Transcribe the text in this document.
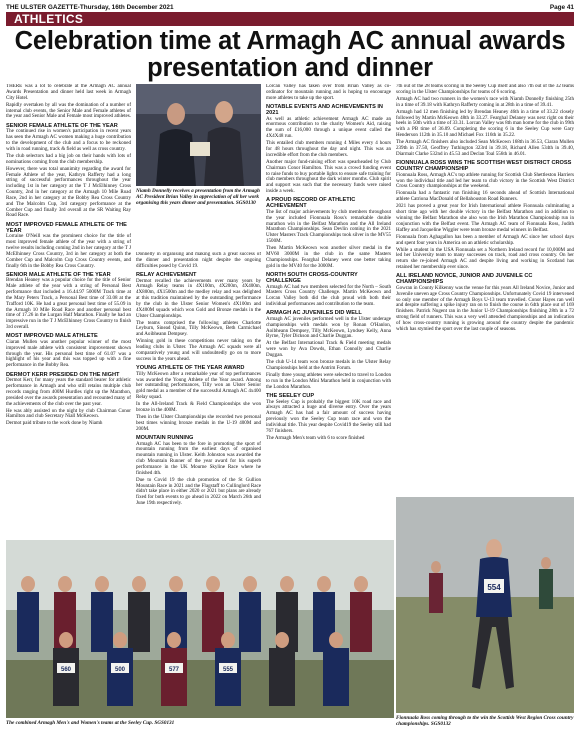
THE ULSTER GAZETTE-Thursday, 16th December 2021	Page 41
ATHLETICS
Celebration time at Armagh AC annual awards presentation and dinner

THERE was a lot to celebrate at the Armagh AC annual Awards Presentation and dinner held last week in Armagh City Hotel.

Rapidly overtaken by all was the domination of a number of internal club events, the Senior Male and Female athletes of the year and Senior Male and Female most improved athletes.

SENIOR FEMALE ATHLETE OF THE YEAR

The continued rise in women's participation in recent years has seen the Armagh AC women making a huge contribution to the development of the club and a focus to be reckoned with in road running, track & field as well as cross country.

The club selectors had a big job on their hands with lots of nominations coming from the club membership.

However, there was total unanimity regarding the award for Female Athlete of the year, Kathryn Rafferty had a long string of successful performances throughout the year including 1st in her category at the T J McElhinney Cross Country, 2nd in her category at the Armagh 10 Mile Road Race, 2nd in her category at the Bobby Rea Cross Country and The Malcolm Cup, 3rd category performance at the Comber Cup and finally 3rd overall at the SR Waiting Ray Road Race.

MOST IMPROVED FEMALE ATHLETE OF THE YEAR

Lorraine O'Neill was the prominent choice for the title of most improved female athlete of the year with a string of twelve results including coming 2nd in her category at the T J McElhinney Cross Country, 3rd in her category at both the Comber Cup and Malcolm Cup Cross Country events, and finally 6th in the Bobby Rea Cross Country.

SENIOR MALE ATHLETE OF THE YEAR

Brendan Heaney was a popular choice for the title of Senior Male athlete of the year with a string of Personal Best performance that included a 16.44.97 5000M Track time at the Mary Peters Track, a Personal Best time of 33.08 at the Trafford 10K. He had a great personal best time of 55.09 in the Armagh 10 Mile Road Race and another personal best time of 17.26 in the Lurgan Half Marathon. Finally he had an impressive run in the T J McElhinney Cross Country to finish 3rd overall.

MOST IMPROVED MALE ATHLETE

Ciaran Mullen was another popular winner of the most improved male athlete with consistent improvement shown through the year. His personal best time of 61.07 was a highlight of his year and this was topped up with a fine performance in the Bobby Rea.

DERMOT KERR PRESIDED ON THE NIGHT

Dermot Kerr, for many years the standard bearer for athletic performance in Armagh and who still retains multiple club records ranging from 400M Hurdles right up the Marathon, presided over the awards presentation and recounted many of the achievements of the club over the past year.

He was ably assisted on the night by club Chairman Conor Hamilton and club Secretary Niall McKeown.

Dermot paid tribute to the work done by Niamh

Niamh Donnelly receives a presentation from the Armagh AC President Brian Valley in appreciation of all her work organising this years dinner and presentation. SGS0130

Donnelly in organising and making such a great success of the dinner and presentation night despite the ongoing difficulties posed by Covid 19.

RELAY ACHIEVEMENT

Dermot recalled the achievements over many years by Armagh Relay teams in 4X100m, 4X200m, 4X400m, 4X800m, 4X1500m and the medley relay and was delighted at this tradition maintained by the outstanding performance by the club in the Ulster Senior Women's 4X100m and 4X400M squads which won Gold and Bronze medals in the Ulster Championships.

The teams comprised the following athletes Charlotte Leyburn, Sinead Quinn, Tilly McKeown, Beth Carmichael and Aoibheann Dempsey.

Winning gold in these competitions never taking on the leading clubs in Ulster. The Armagh AC squads were all comparatively young and will undoubtedly go on to more success in the years ahead.

YOUNG ATHLETE OF THE YEAR AWARD

Tilly McKeown after a remarkable year of top performances was awarded the Young Athlete of the Year award. Among her outstanding performances, Tilly won an Ulster Senior gold medal as a member of the successful Armagh AC 4x400 Relay squad.

In the All-Ireland Track & Field Championships she won bronze in the 400M.

Then in the Ulster Championships she recorded two personal best times winning bronze medals in the U-19 400M and 200M.

MOUNTAIN RUNNING

Armagh AC has been to the fore in promoting the sport of mountain running from the earliest days of organised mountain running in Ulster. Keith Johnston was awarded the club Mountain Runner of the year award for his superb performance in the UK Mourne Skyline Race where he finished 4th.

Due to Covid 19 the club promotion of the St Gullion Mountain Race in 2021 and the Flagstaff to Cullinglord Race didn't take place in either 2020 or 2021 but plans are already fixed for both events to go ahead in 2022 on March 26th and June 19th respectively.

Lorcan Valley has taken over from Brian Valley as co-ordinator for mountain running and is hoping to encourage more athletes to take up the sport.

NOTABLE EVENTS AND ACHIEVEMENTS IN 2021

As well as athletic achievement Armagh AC made an enormous contribution to the charity Women's Aid, raising the sum of £16,000 through a unique event called the 4X4X48 run.

This entailed club members running 4 Miles every 4 hours for 48 hours throughout the day and night. This was an incredible effort from the club members.

Another major fund-raising effort was spearheaded by Club Chairman Conor Hamilton. This was a crowd funding event to raise funds to buy portable lights to ensure safe training for club members throughout the dark winter months. Club spirit and support was such that the necessary funds were raised inside a week.

A PROUD RECORD OF ATHLETIC ACHIEVEMENT

The list of major achievements by club members throughout the year included Fionnuala Ross's remarkable double marathon win in the Belfast Marathon and the All Ireland Marathon Championships. Sean Devlin coming in the 2021 Ulster Masters Track Championships took silver in the MV55 1500M.

Then Martin McKeown won another silver medal in the MV60 3000M in the club in the same Masters Championships. Fearghal Delaney went one better taking gold in the MV40 for the 3000M.

NORTH SOUTH CROSS-COUNTRY CHALLENGE

Armagh AC had two members selected for the North – South Masters Cross Country Challenge. Martin McKeown and Lorcan Valley both did the club proud with both their individual performances and contribution to the team.

ARMAGH AC JUVENILES DID WELL

Armagh AC juveniles performed well in the Ulster underage championships with medals won by Ronan O'Hanlon, Aoibheann Dempsey, Tilly McKeown, Lyndsey Kelly, Anna Byrne, Tyler Dickson and Charlie Duggan.

At the Belfast International Track & Field meeting medals were won by Ava Dowds, Ethan Connolly and Charlie Duggan.

The club U-14 team won bronze medals in the Ulster Relay Championships held at the Antrim Forum.

Finally three young athletes were selected to travel to London to run in the London Mini Marathon held in conjunction with the London Marathon.

THE SEELEY CUP

The Seeley Cup is probably the biggest 10K road race and always attracted a huge and diverse entry. Over the years Armagh AC has had a fair amount of success having previously won the Seeley Cup team race and won the individual title. This year despite Covid19 the Seeley still had 767 finishers.

The Armagh Men's team with 6 to score finished

7th out of the 28 teams scoring in the Seeley Cup itself and also 7th out of the 32 teams scoring in the Ulster Championships for teams of 6 scoring.

Armagh AC had two runners in the women's race with Niamh Donnelly finishing 25th in a time of 39.18 with Kathryn Rafferty coming in at 28th in a time of 39.41.

Armagh had 12 men finishing led by Brendan Heaney 46th in a time of 33.22 closely followed by Martin McKeown 48th in 33.27. Fearghal Delaney was next right on their heels in 50th with a time of 33.31. Lorcan Valley was 8th man home for the club in 99th with a PB time of 36.09. Completing the scoring 6 in the Seeley Cup were Gary Henderson 112th in 35.10 and Michael Fox 116th in 35.22.

The Armagh AC finishers also included Sean McKeown 168th in 36.53, Ciaran Mullen 239th in 37.50, Geoffrey Tuthington 323rd in 39.18, Richard Allen 534th in 39.40, Diarmait Clarke 532nd in 45.53 and Declan Toal 556th in 46.01.

FIONNUALA ROSS WINS THE SCOTTISH WEST DISTRICT CROSS COUNTRY CHAMPIONSHIP

Fionnuala Ross, Armagh AC's top athlete running for Scottish Club Shettleston Harriers won the individual title and led her team to club victory in the Scottish West District Cross Country championships at the weekend.

Fionnuala had a fantastic run finishing 16 seconds ahead of Scottish International athlete Catriona MacDonald of Bellahouston Road Runners.

2021 has proved a great year for Irish International athlete Fionnuala culminating a short time ago with her double victory in the Belfast Marathon and in addition to winning the Belfast Marathon she also won the Irish Marathon Championship run in conjunction with the Belfast event. The Armagh AC team of Fionnuala Ross, Judith Haffey and Jacqueline Wiggler were team bronze medal winners in Belfast.

Fionnuala from Aghagallon has been a member of Armagh AC since her school days and spent four years in America on an athletic scholarship.

While a student in the USA Fionnuala set a Northern Ireland record for 10,000M and led her University team to many successes on track, road and cross country. On her return she re-joined Armagh AC and despite living and working in Scotland has retained her membership ever since.

ALL IRELAND NOVICE, JUNIOR AND JUVENILE CC CHAMPIONSHIPS

Gowran in County Kilkenny was the venue for this years All Ireland Novice, Junior and Juvenile uneven age Cross Country Championships. Unfortunately Covid 19 intervened so only one member of the Armagh Boys U-13 team travelled. Conor Hayes ran well and despite suffering a spike injury ran on to finish the course in 64th place out of 169 finishers. Patrick Nugent ran in the Junior U-19 Championships finishing 28th in a 72 strong field of runners. This was a very well attended championships and an indication of how cross-country running is growing around the country despite the pandemic which has stymied the sport over the last couple of seasons.

560	500	577	555
The combined Armagh Men's and Women's teams at the Seeley Cup. SGS0131
554
Fionnuala Ross coming through to the win the Scottish West Region Cross country championships. SGS0132
